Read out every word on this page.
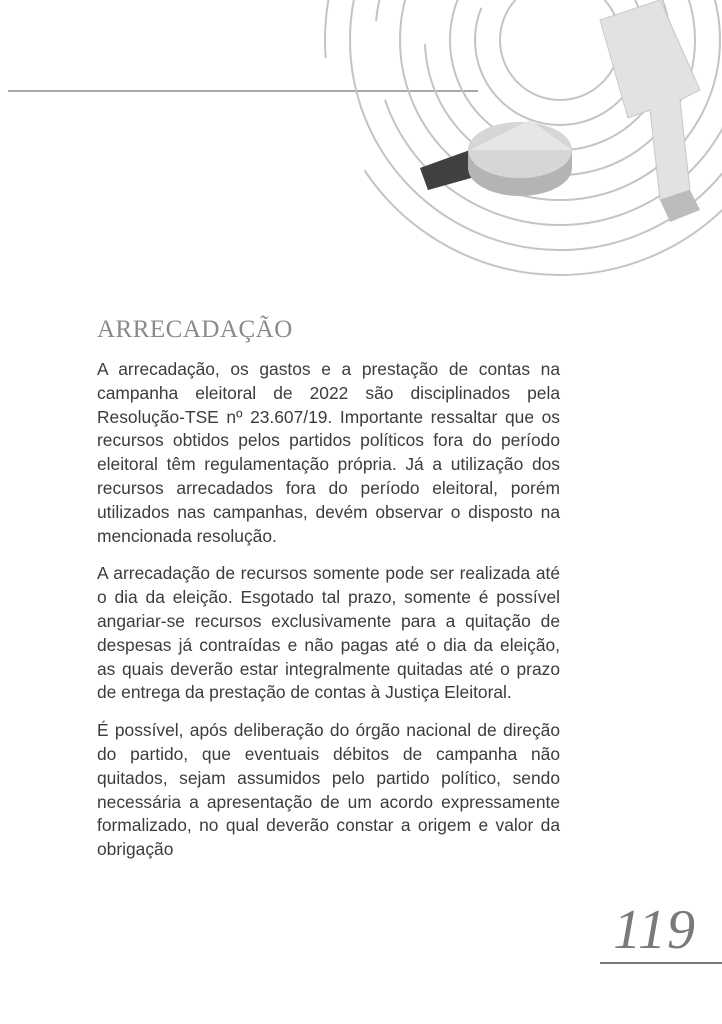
ARRECADAÇÃO

A arrecadação, os gastos e a prestação de contas na campanha eleitoral de 2022 são disciplinados pela Resolução-TSE nº 23.607/19. Importante ressaltar que os recursos obtidos pelos partidos políticos fora do período eleitoral têm regulamentação própria. Já a utilização dos recursos arrecadados fora do período eleitoral, porém utilizados nas campanhas, devém observar o disposto na mencionada resolução.

A arrecadação de recursos somente pode ser realizada até o dia da eleição. Esgotado tal prazo, somente é possível angariar-se recursos exclusivamente para a quitação de despesas já contraídas e não pagas até o dia da eleição, as quais deverão estar integralmente quitadas até o prazo de entrega da prestação de contas à Justiça Eleitoral.

É possível, após deliberação do órgão nacional de direção do partido, que eventuais débitos de campanha não quitados, sejam assumidos pelo partido político, sendo necessária a apresentação de um acordo expressamente formalizado, no qual deverão constar a origem e valor da obrigação

119
